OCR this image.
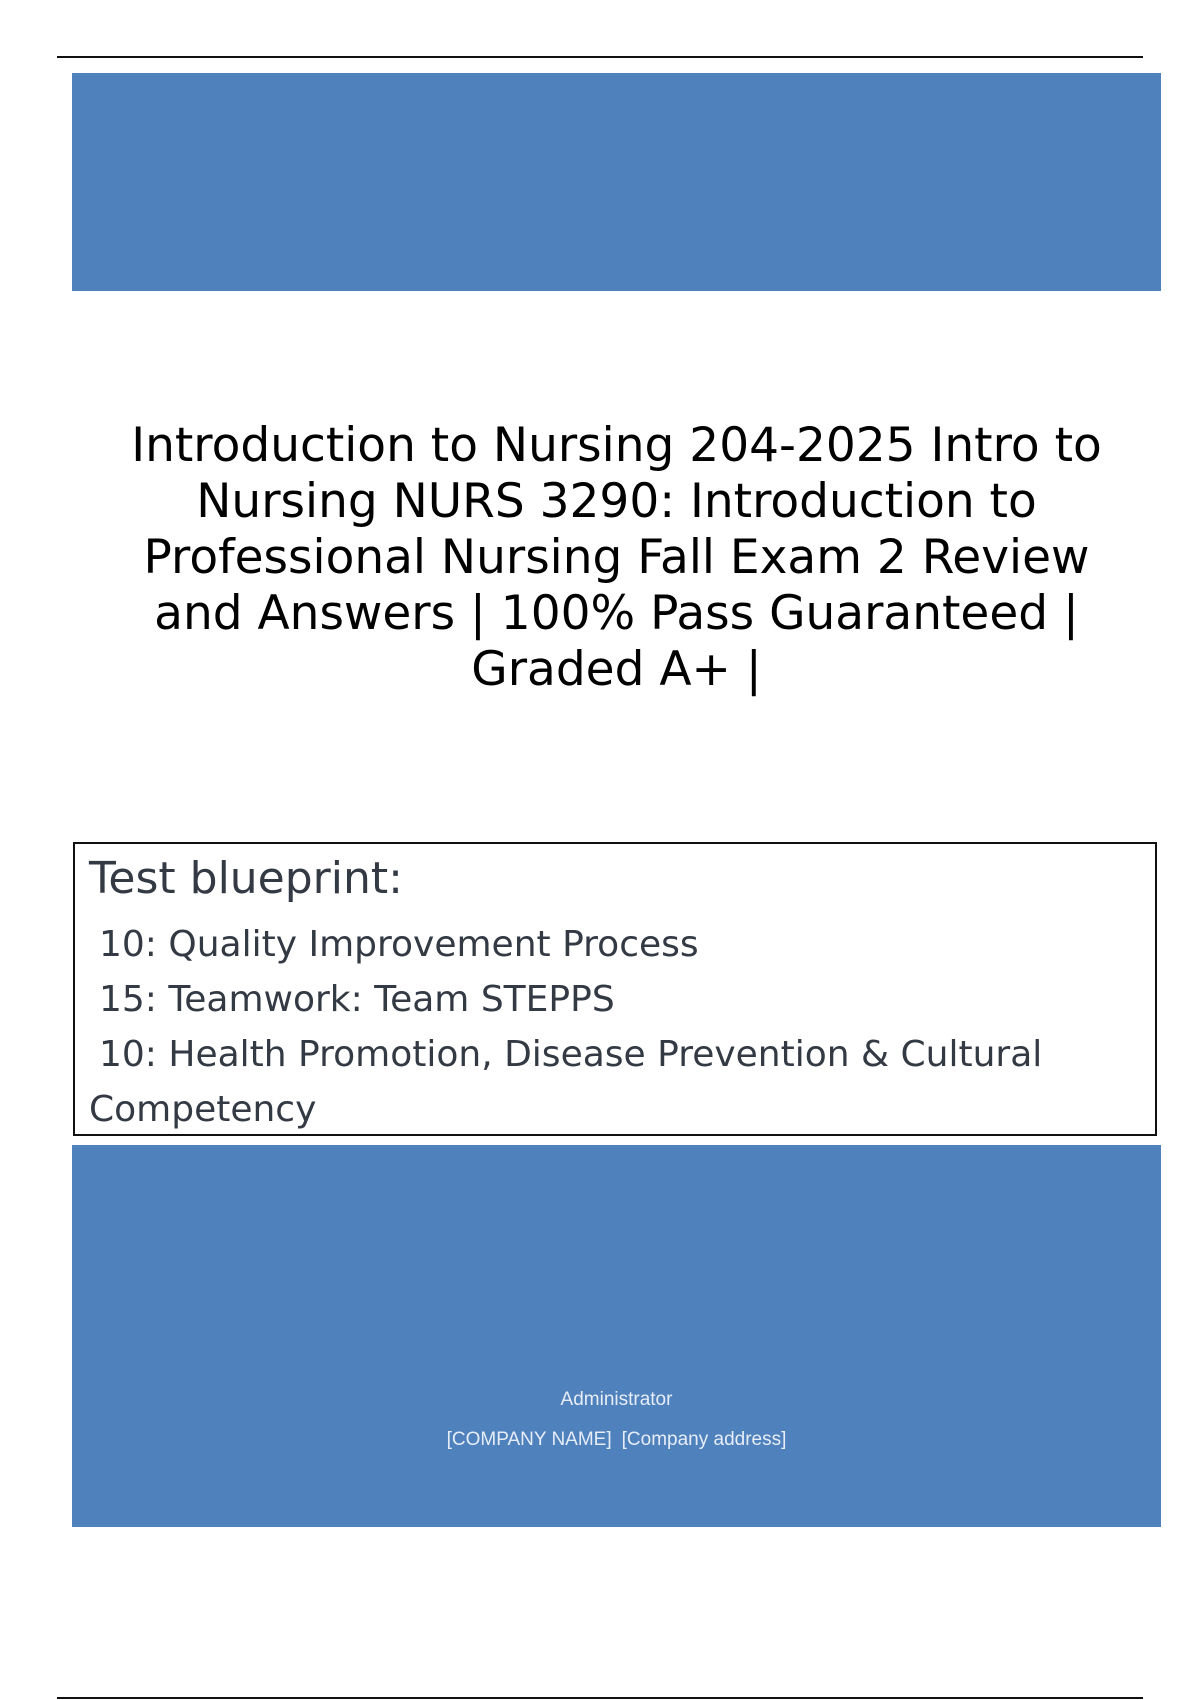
Introduction to Nursing 204-2025 Intro to Nursing NURS 3290: Introduction to Professional Nursing Fall Exam 2 Review and Answers | 100% Pass Guaranteed | Graded A+ |
Test blueprint:
10: Quality Improvement Process
15: Teamwork: Team STEPPS
10: Health Promotion, Disease Prevention & Cultural Competency
Administrator
[COMPANY NAME] [Company address]
